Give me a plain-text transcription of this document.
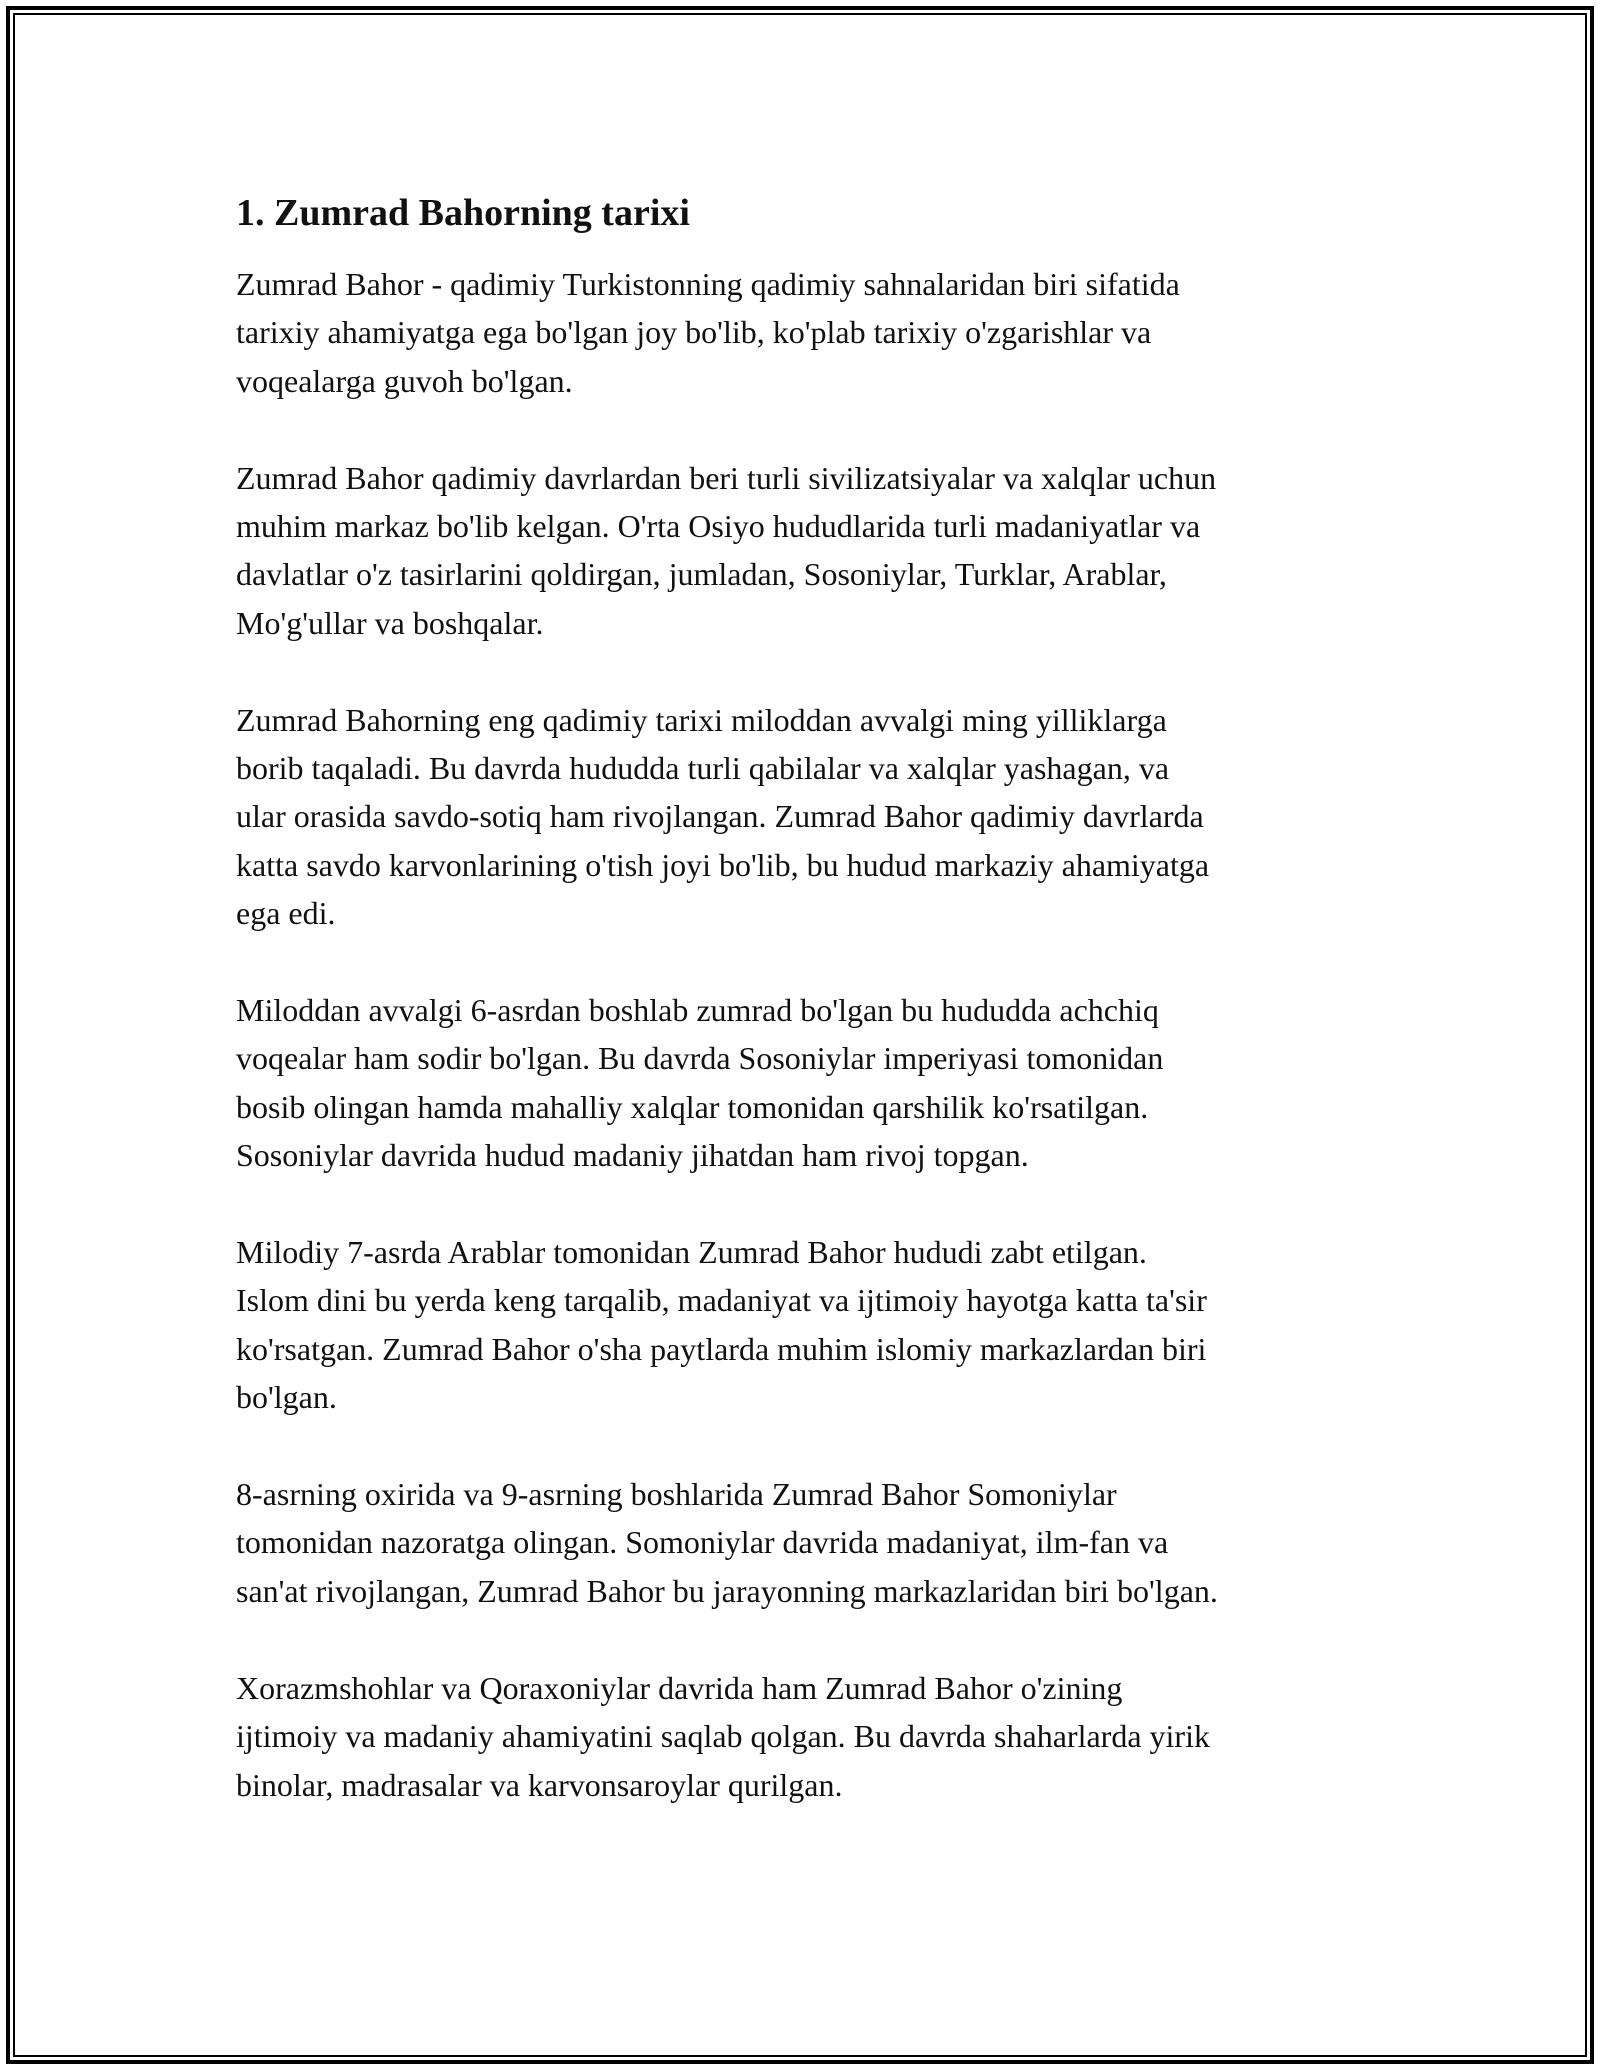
1. Zumrad Bahorning tarixi

Zumrad Bahor - qadimiy Turkistonning qadimiy sahnalaridan biri sifatida
tarixiy ahamiyatga ega bo'lgan joy bo'lib, ko'plab tarixiy o'zgarishlar va
voqealarga guvoh bo'lgan.

Zumrad Bahor qadimiy davrlardan beri turli sivilizatsiyalar va xalqlar uchun
muhim markaz bo'lib kelgan. O'rta Osiyo hududlarida turli madaniyatlar va
davlatlar o'z tasirlarini qoldirgan, jumladan, Sosoniylar, Turklar, Arablar,
Mo'g'ullar va boshqalar.

Zumrad Bahorning eng qadimiy tarixi miloddan avvalgi ming yilliklarga
borib taqaladi. Bu davrda hududda turli qabilalar va xalqlar yashagan, va
ular orasida savdo-sotiq ham rivojlangan. Zumrad Bahor qadimiy davrlarda
katta savdo karvonlarining o'tish joyi bo'lib, bu hudud markaziy ahamiyatga
ega edi.

Miloddan avvalgi 6-asrdan boshlab zumrad bo'lgan bu hududda achchiq
voqealar ham sodir bo'lgan. Bu davrda Sosoniylar imperiyasi tomonidan
bosib olingan hamda mahalliy xalqlar tomonidan qarshilik ko'rsatilgan.
Sosoniylar davrida hudud madaniy jihatdan ham rivoj topgan.

Milodiy 7-asrda Arablar tomonidan Zumrad Bahor hududi zabt etilgan.
Islom dini bu yerda keng tarqalib, madaniyat va ijtimoiy hayotga katta ta'sir
ko'rsatgan. Zumrad Bahor o'sha paytlarda muhim islomiy markazlardan biri
bo'lgan.

8-asrning oxirida va 9-asrning boshlarida Zumrad Bahor Somoniylar
tomonidan nazoratga olingan. Somoniylar davrida madaniyat, ilm-fan va
san'at rivojlangan, Zumrad Bahor bu jarayonning markazlaridan biri bo'lgan.

Xorazmshohlar va Qoraxoniylar davrida ham Zumrad Bahor o'zining
ijtimoiy va madaniy ahamiyatini saqlab qolgan. Bu davrda shaharlarda yirik
binolar, madrasalar va karvonsaroylar qurilgan.
